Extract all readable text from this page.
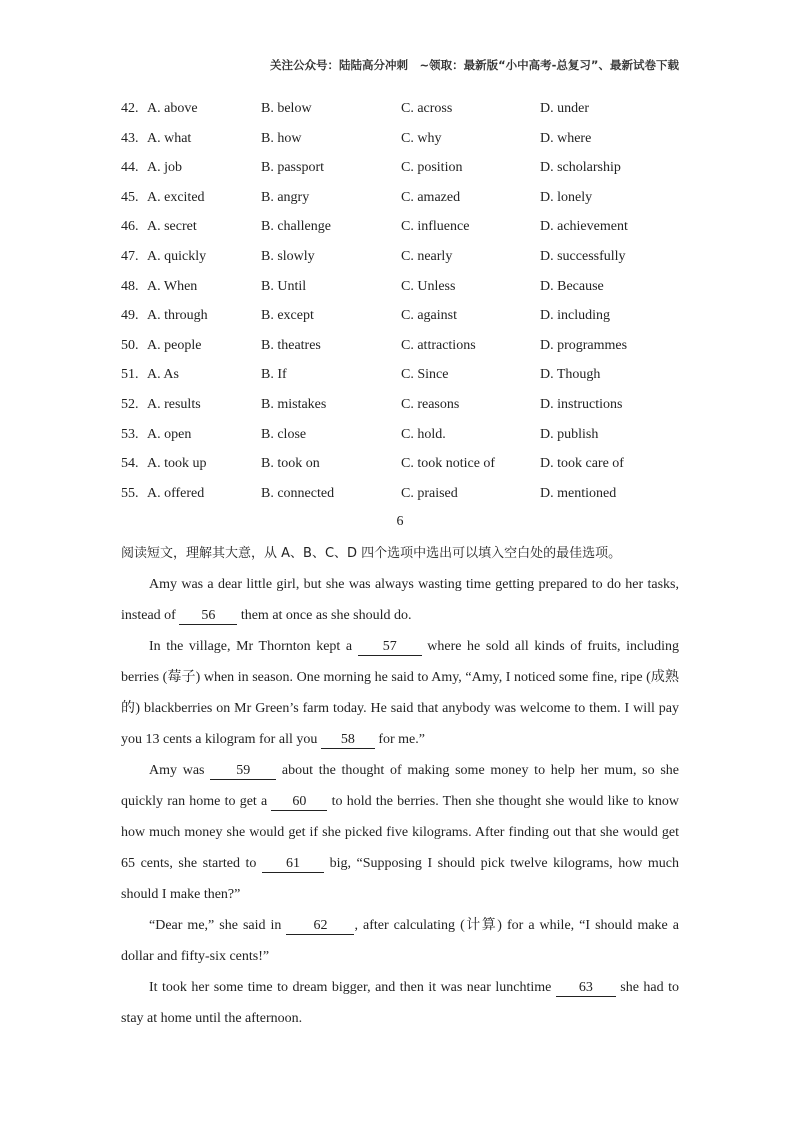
关注公众号：陆陆高分冲刺　~领取：最新版“小中高考-总复习”、最新试卷下载
42. A. above	B. below	C. across	D. under
43. A. what	B. how	C. why	D. where
44. A. job	B. passport	C. position	D. scholarship
45. A. excited	B. angry	C. amazed	D. lonely
46. A. secret	B. challenge	C. influence	D. achievement
47. A. quickly	B. slowly	C. nearly	D. successfully
48. A. When	B. Until	C. Unless	D. Because
49. A. through	B. except	C. against	D. including
50. A. people	B. theatres	C. attractions	D. programmes
51. A. As	B. If	C. Since	D. Though
52. A. results	B. mistakes	C. reasons	D. instructions
53. A. open	B. close	C. hold.	D. publish
54. A. took up	B. took on	C. took notice of	D. took care of
55. A. offered	B. connected	C. praised	D. mentioned
6

阅读短文，理解其大意，从 A、B、C、D 四个选项中选出可以填入空白处的最佳选项。

Amy was a dear little girl, but she was always wasting time getting prepared to do her tasks, instead of 56 them at once as she should do.

In the village, Mr Thornton kept a 57 where he sold all kinds of fruits, including berries (莓子) when in season. One morning he said to Amy, “Amy, I noticed some fine, ripe (成熟的) blackberries on Mr Green’s farm today. He said that anybody was welcome to them. I will pay you 13 cents a kilogram for all you 58 for me.”

Amy was 59 about the thought of making some money to help her mum, so she quickly ran home to get a 60 to hold the berries. Then she thought she would like to know how much money she would get if she picked five kilograms. After finding out that she would get 65 cents, she started to 61 big, “Supposing I should pick twelve kilograms, how much should I make then?”

“Dear me,” she said in 62 , after calculating (计算) for a while, “I should make a dollar and fifty-six cents!”

It took her some time to dream bigger, and then it was near lunchtime 63 she had to stay at home until the afternoon.
